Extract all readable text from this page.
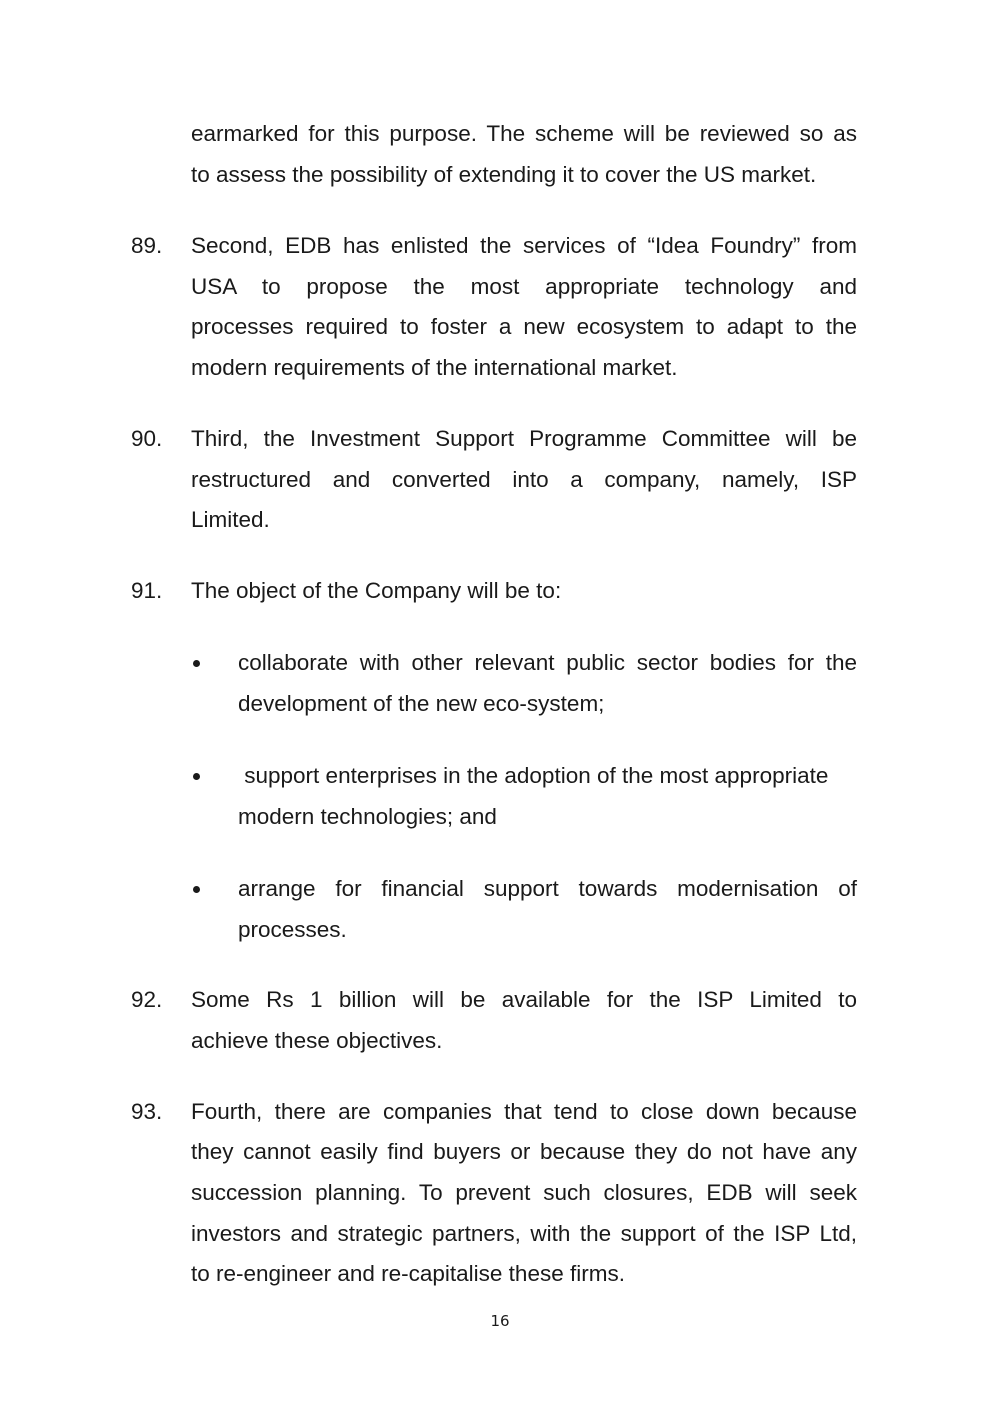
earmarked for this purpose. The scheme will be reviewed so as
to assess the possibility of extending it to cover the US market.
89. Second, EDB has enlisted the services of “Idea Foundry” from
USA to propose the most appropriate technology and
processes required to foster a new ecosystem to adapt to the
modern requirements of the international market.
90. Third, the Investment Support Programme Committee will be
restructured and converted into a company, namely, ISP
Limited.
91. The object of the Company will be to:
collaborate with other relevant public sector bodies for the
development of the new eco-system;
support enterprises in the adoption of the most appropriate
modern technologies; and
arrange for financial support towards modernisation of
processes.
92. Some Rs 1 billion will be available for the ISP Limited to
achieve these objectives.
93. Fourth, there are companies that tend to close down because
they cannot easily find buyers or because they do not have any
succession planning. To prevent such closures, EDB will seek
investors and strategic partners, with the support of the ISP Ltd,
to re-engineer and re-capitalise these firms.
16
